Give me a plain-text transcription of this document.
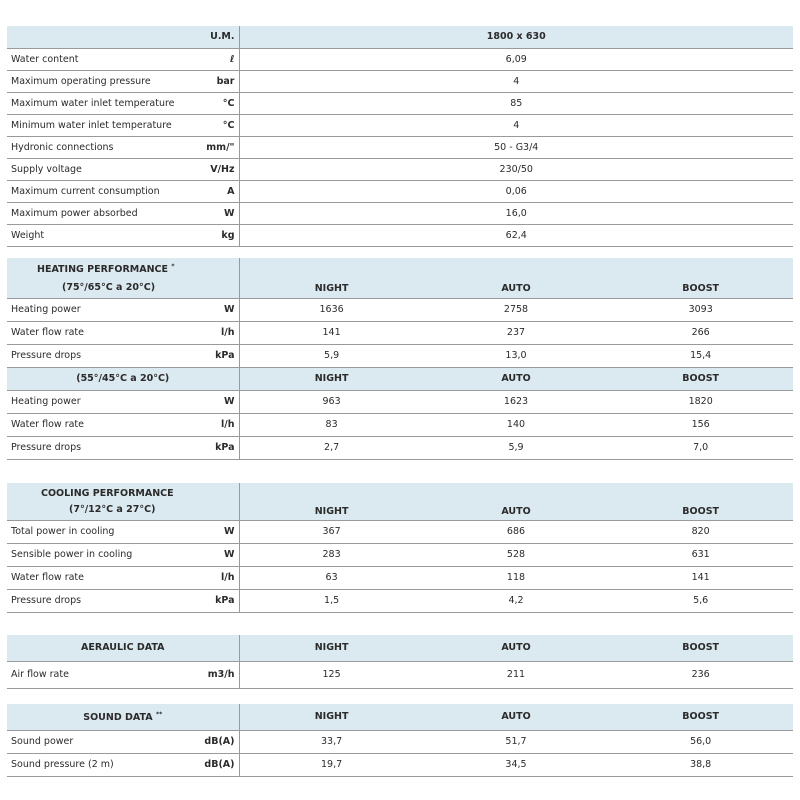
	U.M.	1800 x 630
Water content	ℓ	6,09
Maximum operating pressure	bar	4
Maximum water inlet temperature	°C	85
Minimum water inlet temperature	°C	4
Hydronic connections	mm/"	50 - G3/4
Supply voltage	V/Hz	230/50
Maximum current consumption	A	0,06
Maximum power absorbed	W	16,0
Weight	kg	62,4
HEATING PERFORMANCE *
(75°/65°C a 20°C)		NIGHT	AUTO	BOOST
Heating power	W	1636	2758	3093
Water flow rate	l/h	141	237	266
Pressure drops	kPa	5,9	13,0	15,4
(55°/45°C a 20°C)		NIGHT	AUTO	BOOST
Heating power	W	963	1623	1820
Water flow rate	l/h	83	140	156
Pressure drops	kPa	2,7	5,9	7,0
COOLING PERFORMANCE
(7°/12°C a 27°C)		NIGHT	AUTO	BOOST
Total power in cooling	W	367	686	820
Sensible power in cooling	W	283	528	631
Water flow rate	l/h	63	118	141
Pressure drops	kPa	1,5	4,2	5,6
AERAULIC DATA		NIGHT	AUTO	BOOST
Air flow rate	m3/h	125	211	236
SOUND DATA **		NIGHT	AUTO	BOOST
Sound power	dB(A)	33,7	51,7	56,0
Sound pressure (2 m)	dB(A)	19,7	34,5	38,8
